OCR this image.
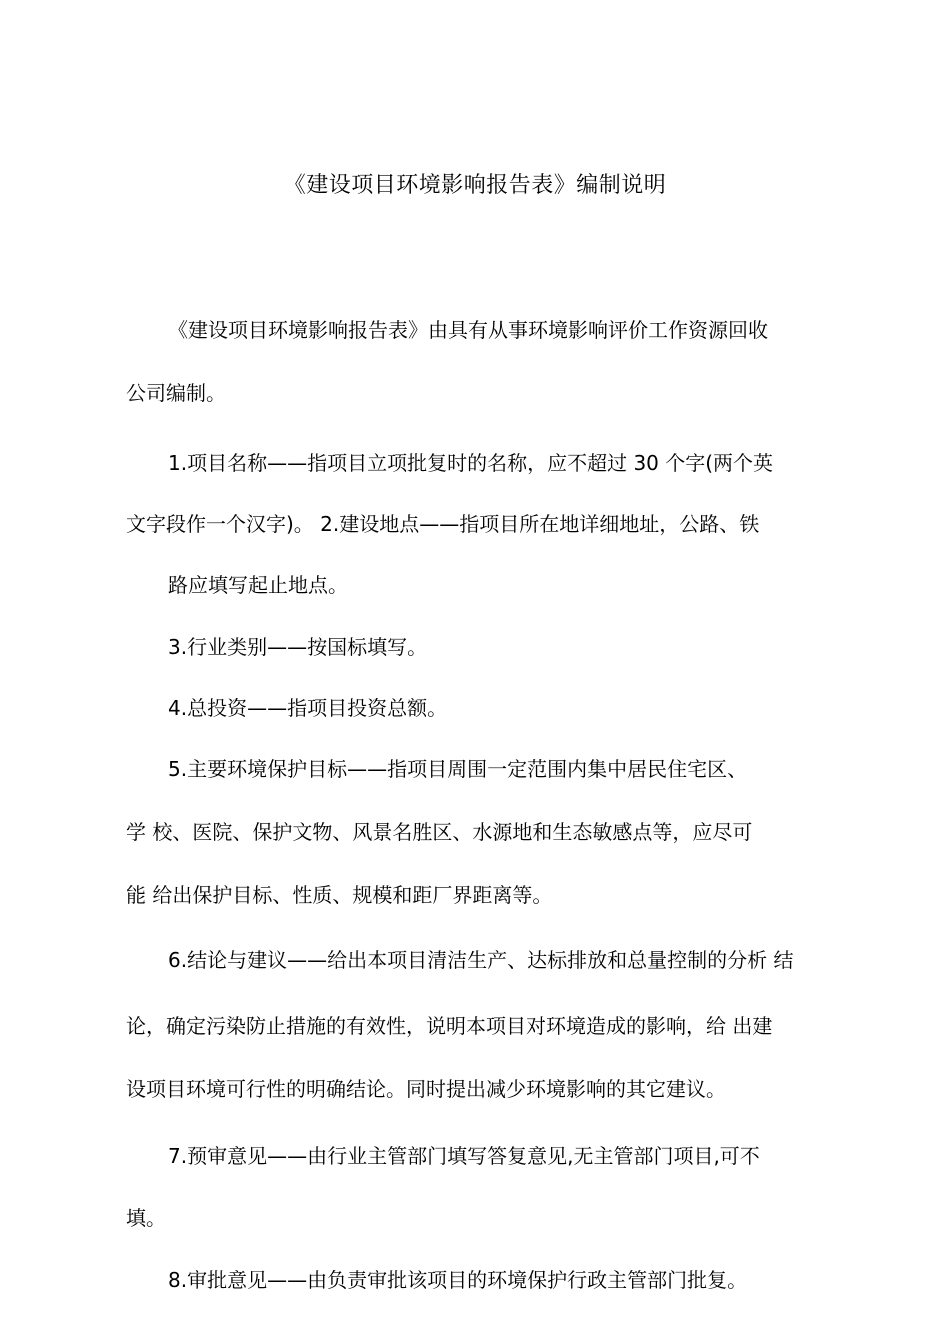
《建设项目环境影响报告表》编制说明
《建设项目环境影响报告表》由具有从事环境影响评价工作资源回收
公司编制。
1.项目名称——指项目立项批复时的名称，应不超过 30 个字(两个英
文字段作一个汉字)。 2.建设地点——指项目所在地详细地址，公路、铁
路应填写起止地点。
3.行业类别——按国标填写。
4.总投资——指项目投资总额。
5.主要环境保护目标——指项目周围一定范围内集中居民住宅区、
学 校、医院、保护文物、风景名胜区、水源地和生态敏感点等，应尽可
能 给出保护目标、性质、规模和距厂界距离等。
6.结论与建议——给出本项目清洁生产、达标排放和总量控制的分析 结
论，确定污染防止措施的有效性，说明本项目对环境造成的影响，给 出建
设项目环境可行性的明确结论。同时提出减少环境影响的其它建议。
7.预审意见——由行业主管部门填写答复意见,无主管部门项目,可不
填。
8.审批意见——由负责审批该项目的环境保护行政主管部门批复。
